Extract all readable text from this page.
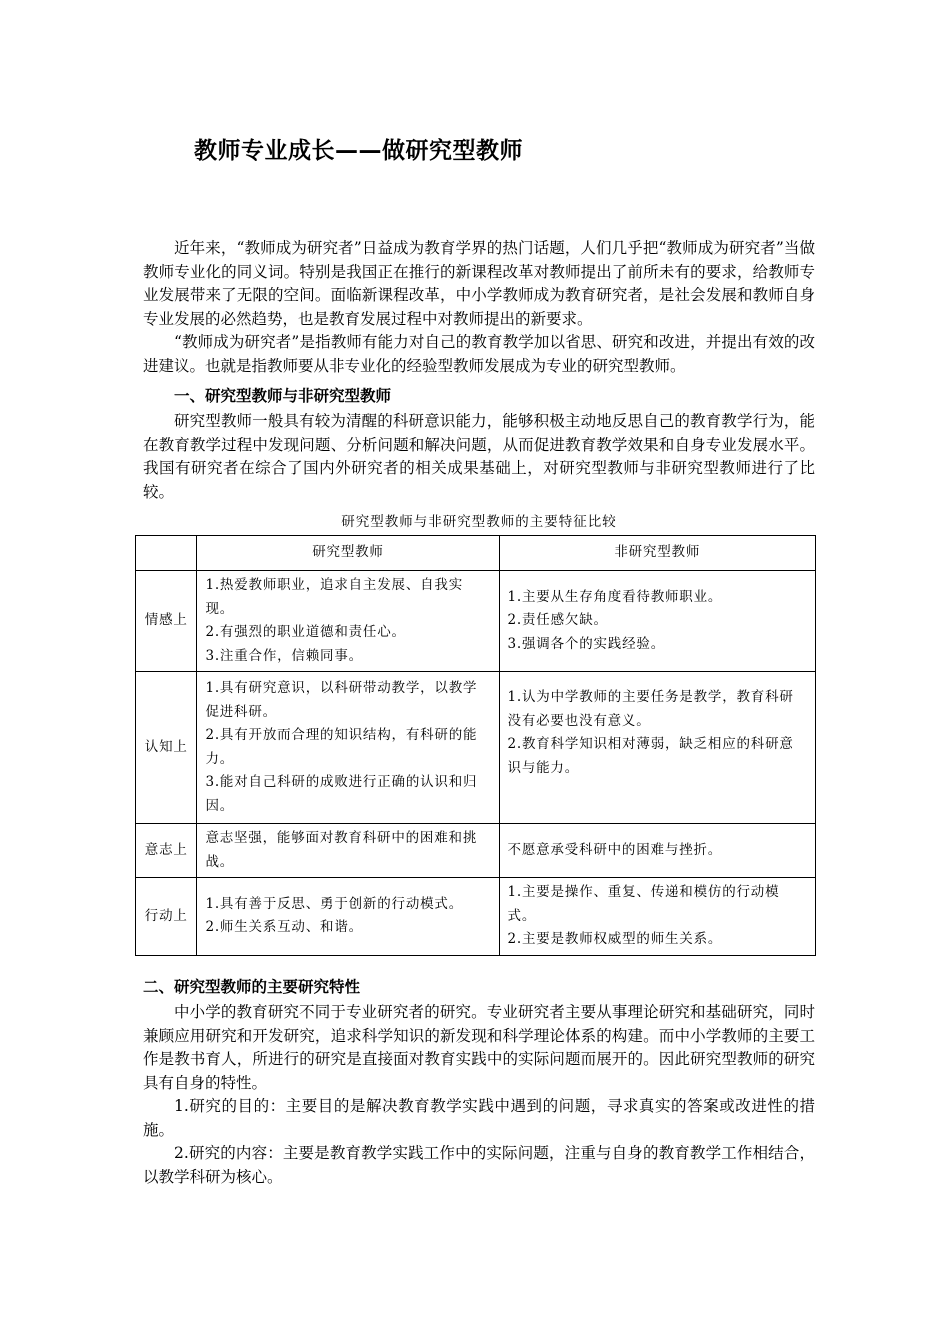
教师专业成长——做研究型教师

近年来，“教师成为研究者”日益成为教育学界的热门话题，人们几乎把“教师成为研究者”当做教师专业化的同义词。特别是我国正在推行的新课程改革对教师提出了前所未有的要求，给教师专业发展带来了无限的空间。面临新课程改革，中小学教师成为教育研究者，是社会发展和教师自身专业发展的必然趋势，也是教育发展过程中对教师提出的新要求。

“教师成为研究者”是指教师有能力对自己的教育教学加以省思、研究和改进，并提出有效的改进建议。也就是指教师要从非专业化的经验型教师发展成为专业的研究型教师。

一、研究型教师与非研究型教师

研究型教师一般具有较为清醒的科研意识能力，能够积极主动地反思自己的教育教学行为，能在教育教学过程中发现问题、分析问题和解决问题，从而促进教育教学效果和自身专业发展水平。我国有研究者在综合了国内外研究者的相关成果基础上，对研究型教师与非研究型教师进行了比较。

研究型教师与非研究型教师的主要特征比较
	研究型教师	非研究型教师
情感上	1.热爱教师职业，追求自主发展、自我实现。
2.有强烈的职业道德和责任心。
3.注重合作，信赖同事。	1.主要从生存角度看待教师职业。
2.责任感欠缺。
3.强调各个的实践经验。

认知上	1.具有研究意识，以科研带动教学，以教学促进科研。
2.具有开放而合理的知识结构，有科研的能力。
3.能对自己科研的成败进行正确的认识和归因。	1.认为中学教师的主要任务是教学，教育科研没有必要也没有意义。
2.教育科学知识相对薄弱，缺乏相应的科研意识与能力。

意志上	意志坚强，能够面对教育科研中的困难和挑战。	不愿意承受科研中的困难与挫折。

行动上	1.具有善于反思、勇于创新的行动模式。
2.师生关系互动、和谐。	1.主要是操作、重复、传递和模仿的行动模式。
2.主要是教师权威型的师生关系。
二、研究型教师的主要研究特性

中小学的教育研究不同于专业研究者的研究。专业研究者主要从事理论研究和基础研究，同时兼顾应用研究和开发研究，追求科学知识的新发现和科学理论体系的构建。而中小学教师的主要工作是教书育人，所进行的研究是直接面对教育实践中的实际问题而展开的。因此研究型教师的研究具有自身的特性。

1.研究的目的：主要目的是解决教育教学实践中遇到的问题，寻求真实的答案或改进性的措施。

2.研究的内容：主要是教育教学实践工作中的实际问题，注重与自身的教育教学工作相结合，以教学科研为核心。
